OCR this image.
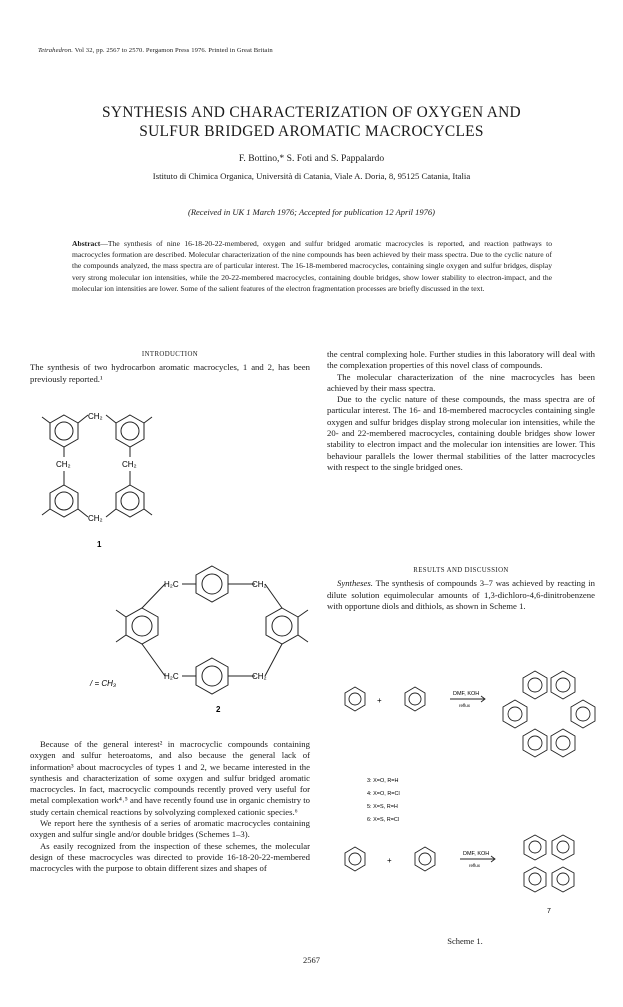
Tetrahedron. Vol 32, pp. 2567 to 2570. Pergamon Press 1976. Printed in Great Britain
SYNTHESIS AND CHARACTERIZATION OF OXYGEN AND
SULFUR BRIDGED AROMATIC MACROCYCLES
F. Bottino,* S. Foti and S. Pappalardo
Istituto di Chimica Organica, Università di Catania, Viale A. Doria, 8, 95125 Catania, Italia
(Received in UK 1 March 1976; Accepted for publication 12 April 1976)
Abstract—The synthesis of nine 16-18-20-22-membered, oxygen and sulfur bridged aromatic macrocycles is reported, and reaction pathways to macrocycles formation are described. Molecular characterization of the nine compounds has been achieved by their mass spectra. Due to the cyclic nature of the compounds analyzed, the mass spectra are of particular interest. The 16-18-membered macrocycles, containing single oxygen and sulfur bridges, display very strong molecular ion intensities, while the 20-22-membered macrocycles, containing double bridges, show lower stability to electron-impact, and the molecular ion intensities are lower. Some of the salient features of the electron fragmentation processes are briefly discussed in the text.
INTRODUCTION

The synthesis of two hydrocarbon aromatic macrocycles, 1 and 2, has been previously reported.¹

CH₂
CH₂
CH₂	CH₂
1
H₂C	CH₂
H₂C	CH₂
2
/ = CH₃

Because of the general interest² in macrocyclic compounds containing oxygen and sulfur heteroatoms, and also because the general lack of information³ about macrocycles of types 1 and 2, we became interested in the synthesis and characterization of some oxygen and sulfur bridged aromatic macrocycles. In fact, macrocyclic compounds recently proved very useful for metal complexation work⁴˒⁵ and have recently found use in organic chemistry to study certain chemical reactions by solvolyzing complexed cationic species.⁶

We report here the synthesis of a series of aromatic macrocycles containing oxygen and sulfur single and/or double bridges (Schemes 1–3).

As easily recognized from the inspection of these schemes, the molecular design of these macrocycles was directed to provide 16-18-20-22-membered macrocycles with the purpose to obtain different sizes and shapes of

the central complexing hole. Further studies in this laboratory will deal with the complexation properties of this novel class of compounds.

The molecular characterization of the nine macrocycles has been achieved by their mass spectra.

Due to the cyclic nature of these compounds, the mass spectra are of particular interest. The 16- and 18-membered macrocycles containing single oxygen and sulfur bridges display strong molecular ion intensities, while the 20- and 22-membered macrocycles, containing double bridges show lower stability to electron impact and the molecular ion intensities are lower. This behaviour parallels the lower thermal stabilities of the latter macrocycles with respect to the single bridged ones.

RESULTS AND DISCUSSION

Syntheses. The synthesis of compounds 3–7 was achieved by reacting in dilute solution equimolecular amounts of 1,3-dichloro-4,6-dinitrobenzene with opportune diols and dithiols, as shown in Scheme 1.

+
+
DMF, KOH
reflux
DMF, KOH
reflux
3: X=O, R=H
4: X=O, R=Cl
5: X=S, R=H
6: X=S, R=Cl
7
Scheme 1.
2567
